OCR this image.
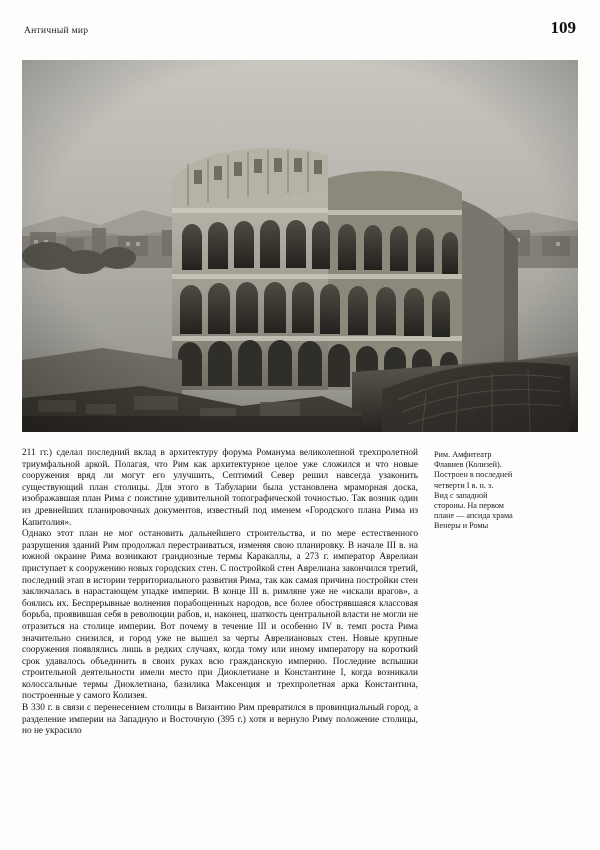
Античный мир	109

211 гг.) сделал последний вклад в архитектуру форума Романума великолепной трехпролетной триумфальной аркой. Полагая, что Рим как архитектурное целое уже сложился и что новые сооружения вряд ли могут его улучшить, Септимий Север решил навсегда узаконить существующий план столицы. Для этого в Табуларии была установлена мраморная доска, изображавшая план Рима с поистине удивительной топографической точностью. Так возник один из древнейших планировочных документов, известный под именем «Городского плана Рима из Капитолия».

Однако этот план не мог остановить дальнейшего строительства, и по мере естественного разрушения зданий Рим продолжал перестраиваться, изменяя свою планировку. В начале III в. на южной окраине Рима возникают грандиозные термы Каракаллы, а 273 г. император Аврелиан приступает к сооружению новых городских стен. С постройкой стен Аврелиана закончился третий, последний этап в истории территориального развития Рима, так как самая причина постройки стен заключалась в нарастающем упадке империи. В конце III в. римляне уже не «искали врагов», а боялись их. Беспрерывные волнения порабощенных народов, все более обострявшаяся классовая борьба, проявившая себя в революции рабов, и, наконец, шаткость центральной власти не могли не отразиться на столице империи. Вот почему в течение III и особенно IV в. темп роста Рима значительно снизился, и город уже не вышел за черты Аврелиановых стен. Новые крупные сооружения появлялись лишь в редких случаях, когда тому или иному императору на короткий срок удавалось объединить в своих руках всю гражданскую империю. Последние вспышки строительной деятельности имели место при Диоклетиане и Константине I, когда возникали колоссальные термы Диоклетиана, базилика Максенция и трехпролетная арка Константина, построенные у самого Колизея.

В 330 г. в связи с перенесением столицы в Византию Рим превратился в провинциальный город, а разделение империи на Западную и Восточную (395 г.) хотя и вернуло Риму положение столицы, но не украсило

Рим. Амфитеатр

Флавиев (Колизей).

Построен в последней

четверти I в. н. э.

Вид с западной

стороны. На первом

плане — апсида храма

Венеры и Ромы
